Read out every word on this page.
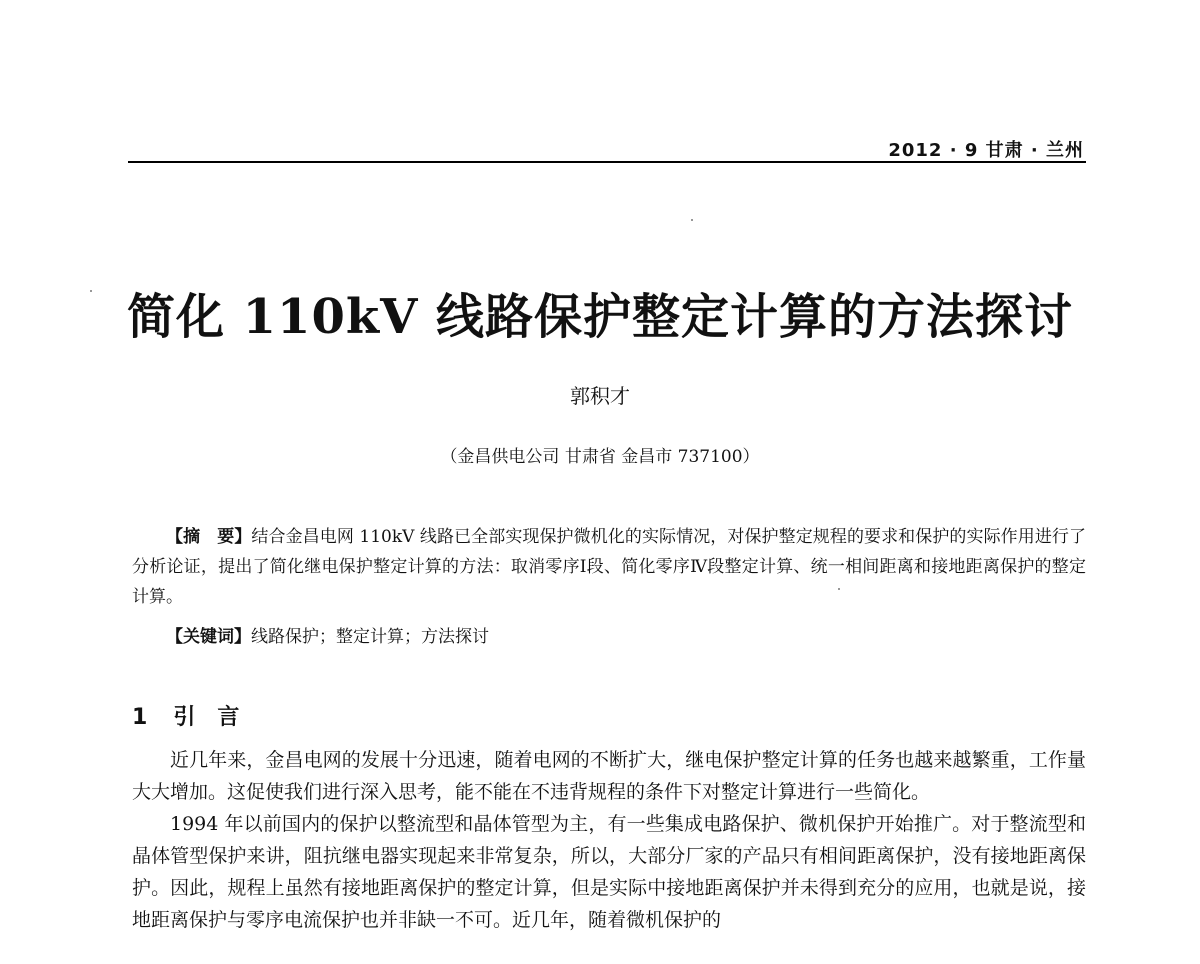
2012 · 9 甘肃 · 兰州
简化 110kV 线路保护整定计算的方法探讨
郭积才
（金昌供电公司 甘肃省 金昌市 737100）
【摘　要】结合金昌电网 110kV 线路已全部实现保护微机化的实际情况，对保护整定规程的要求和保护的实际作用进行了分析论证，提出了简化继电保护整定计算的方法：取消零序Ⅰ段、简化零序Ⅳ段整定计算、统一相间距离和接地距离保护的整定计算。
【关键词】线路保护；整定计算；方法探讨
1 引言

近几年来，金昌电网的发展十分迅速，随着电网的不断扩大，继电保护整定计算的任务也越来越繁重，工作量大大增加。这促使我们进行深入思考，能不能在不违背规程的条件下对整定计算进行一些简化。

1994 年以前国内的保护以整流型和晶体管型为主，有一些集成电路保护、微机保护开始推广。对于整流型和晶体管型保护来讲，阻抗继电器实现起来非常复杂，所以，大部分厂家的产品只有相间距离保护，没有接地距离保护。因此，规程上虽然有接地距离保护的整定计算，但是实际中接地距离保护并未得到充分的应用，也就是说，接地距离保护与零序电流保护也并非缺一不可。近几年，随着微机保护的
